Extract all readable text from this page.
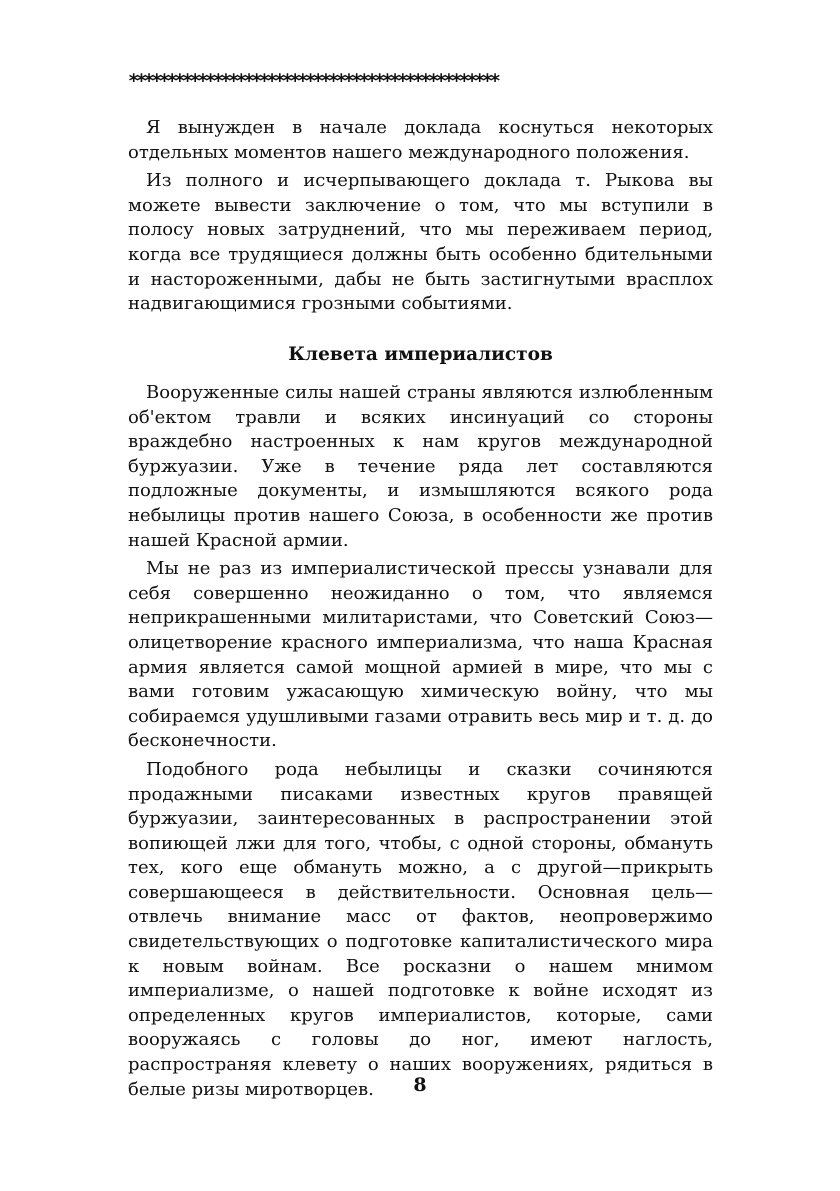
************************************************

Я вынужден в начале доклада коснуться некоторых отдельных моментов нашего международного положения.

Из полного и исчерпывающего доклада т. Рыкова вы можете вывести заключение о том, что мы вступили в полосу новых затруднений, что мы переживаем период, когда все трудящиеся должны быть особенно бдительными и настороженными, дабы не быть застигнутыми врасплох надвигающимися грозными событиями.

Клевета империалистов

Вооруженные силы нашей страны являются излюбленным об'ектом травли и всяких инсинуаций со стороны враждебно настроенных к нам кругов международной буржуазии. Уже в течение ряда лет составляются подложные документы, и измышляются всякого рода небылицы против нашего Союза, в особенности же против нашей Красной армии.

Мы не раз из империалистической прессы узнавали для себя совершенно неожиданно о том, что являемся неприкрашенными милитаристами, что Советский Союз—олицетворение красного империализма, что наша Красная армия является самой мощной армией в мире, что мы с вами готовим ужасающую химическую войну, что мы собираемся удушливыми газами отравить весь мир и т. д. до бесконечности.

Подобного рода небылицы и сказки сочиняются продажными писаками известных кругов правящей буржуазии, заинтересованных в распространении этой вопиющей лжи для того, чтобы, с одной стороны, обмануть тех, кого еще обмануть можно, а с другой—прикрыть совершающееся в действительности. Основная цель—отвлечь внимание масс от фактов, неопровержимо свидетельствующих о подготовке капиталистического мира к новым войнам. Все росказни о нашем мнимом империализме, о нашей подготовке к войне исходят из определенных кругов империалистов, которые, сами вооружаясь с головы до ног, имеют наглость, распространяя клевету о наших вооружениях, рядиться в белые ризы миротворцев.	8
